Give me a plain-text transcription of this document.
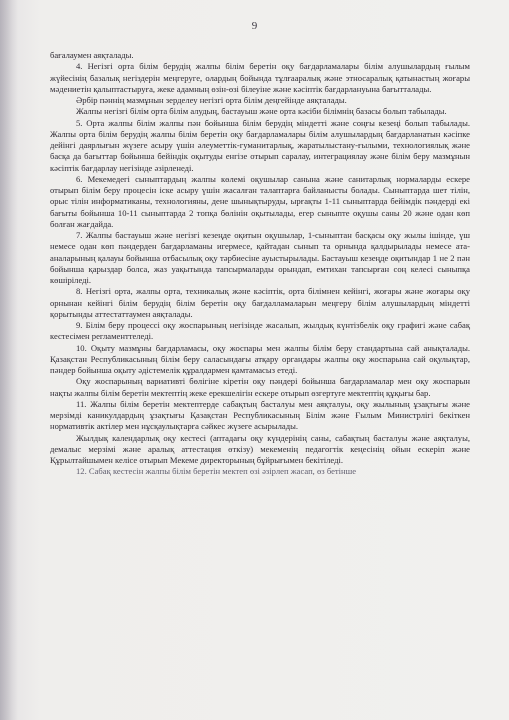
9

бағалаумен аяқталады.

4. Негізгі орта білім берудің жалпы білім беретін оқу бағдарламалары білім алушылардың ғылым жүйесінің базалық негіздерін меңгеруге, олардың бойында тұлғааралық және этносаралық қатынастың жоғары мәдениетін қалыптастыруға, жеке адамның өзін-өзі білеуіне және кәсіптік бағдарлануына бағытталады.

Әрбір пәннің мазмұнын зерделеу негізгі орта білім деңгейінде аяқталады.

Жалпы негізгі білім орта білім алудың, бастауыш және орта кәсіби білімнің базасы болып табылады.

5. Орта жалпы білім жалпы пән бойынша білім берудің міндетті және соңғы кезеңі болып табылады. Жалпы орта білім берудің жалпы білім беретін оқу бағдарламалары білім алушылардың бағдарланатын кәсіпке дейінгі даярлығын жүзеге асыру үшін әлеуметтік-гуманитарлық, жаратылыстану-ғылыми, технологиялық және басқа да бағыттар бойынша бейіндік оқытуды енгізе отырып саралау, интеграциялау және білім беру мазмұнын кәсіптік бағдарлау негізінде әзірленеді.

6. Мекемедегі сыныптардың жалпы көлемі оқушылар санына және санитарлық нормаларды ескере отырып білім беру процесін іске асыру үшін жасалған талаптарға байланысты болады. Сыныптарда шет тілін, орыс тілін информатиканы, технологияны, дене шынықтыруды, ырғақты 1-11 сыныптарда бейімдік пәндерді екі бағыты бойынша 10-11 сыныптарда 2 топқа бөлінін оқытылады, егер сыныпте оқушы саны 20 және одан көп болған жағдайда.

7. Жалпы бастауыш және негізгі кезеңде оқитын оқушылар, 1-сыныптан басқасы оқу жылы ішінде, үш немесе одан көп пәндерден бағдарламаны игермесе, қайтадан сынып та орнында қалдырылады немесе ата-аналарының қалауы бойынша отбасылық оқу тәрбиесіне ауыстырылады. Бастауыш кезеңде оқитындар 1 не 2 пән бойынша қарыздар болса, жаз уақытында тапсырмаларды орындап, емтихан тапсырған соң келесі сыныпқа көшіріледі.

8. Негізгі орта, жалпы орта, техникалық және кәсіптік, орта білімнен кейінгі, жоғары және жоғары оқу орнынан кейінгі білім берудің білім беретін оқу бағдалламаларын меңгеру білім алушылардың міндетті қорытынды аттестаттаумен аяқталады.

9. Білім беру процессі оқу жоспарының негізінде жасалып, жылдық күнтізбелік оқу графигі және сабақ кестесімен регламенттеледі.

10. Оқыту мазмұны бағдарламасы, оқу жоспары мен жалпы білім беру стандартына сай анықталады. Қазақстан Республикасының білім беру саласындағы атқару органдары жалпы оқу жоспарына сай оқулықтар, пәндер бойынша оқыту әдістемелік құралдармен қамтамасыз етеді.

Оқу жоспарының вариативті бөлігіне кіретін оқу пәндері бойынша бағдарламалар мен оқу жоспарын нақты жалпы білім беретін мектептің жеке ерекшелігін ескере отырып өзгертуге мектептің құқығы бар.

11. Жалпы білім беретін мектептерде сабақтың басталуы мен аяқталуы, оқу жылының ұзақтығы және мерзімді каникулдардың ұзақтығы Қазақстан Республикасының Білім және Ғылым Министрлігі бекіткен нормативтік актілер мен нұсқаулықтарға сәйкес жүзеге асырылады.

Жылдық календарлық оқу кестесі (аптадағы оқу күндерінің саны, сабақтың басталуы және аяқталуы, демалыс мерзімі және аралық аттестация өткізу) мекеменің педагогтік кеңесінің ойын ескеріп және Құрылтайшымен келісе отырып Мекеме директорының бұйрығымен бекітіледі.

12. Сабақ кестесін жалпы білім беретін мектеп өзі әзірлеп жасап, өз бетінше
